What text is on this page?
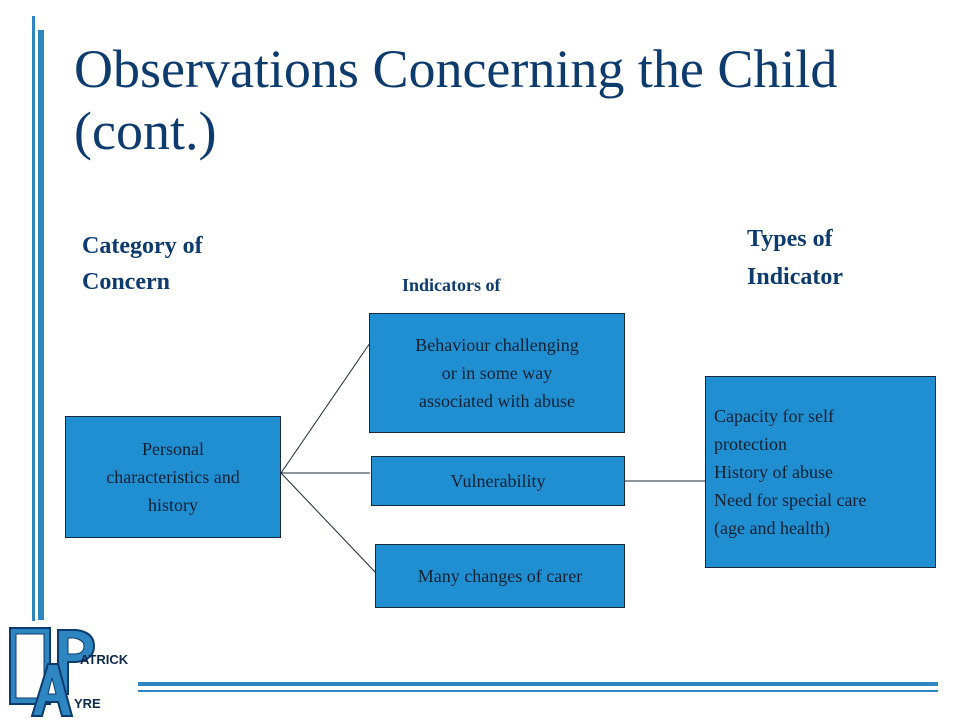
Observations Concerning the Child (cont.)
Category of
Concern	Indicators of
Types of
Indicator
Personal
characteristics and
history
Behaviour challenging
or in some way
associated with abuse
Vulnerability
Many changes of carer
Capacity for self
protection
History of abuse
Need for special care
(age and health)
ATRICK
YRE
